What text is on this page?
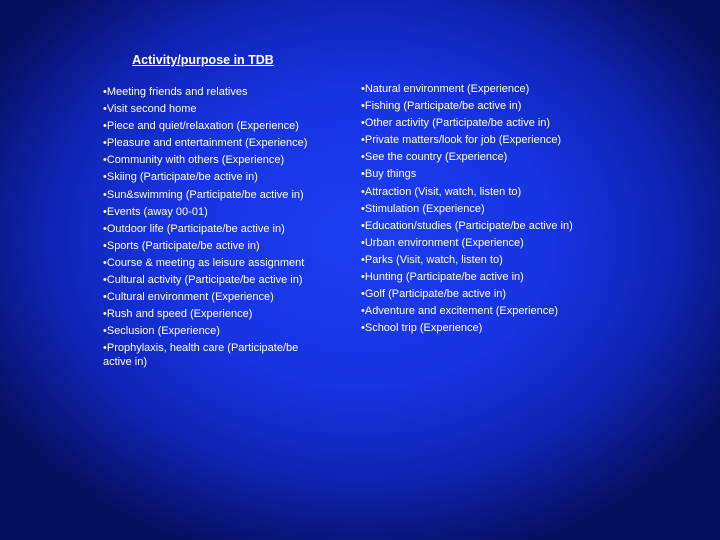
Activity/purpose in TDB
•Meeting friends and relatives
•Visit second home
•Piece and quiet/relaxation (Experience)
•Pleasure and entertainment (Experience)
•Community with others (Experience)
•Skiing (Participate/be active in)
•Sun&swimming (Participate/be active in)
•Events (away 00-01)
•Outdoor life (Participate/be active in)
•Sports (Participate/be active in)
•Course & meeting as leisure assignment
•Cultural activity (Participate/be active in)
•Cultural environment (Experience)
•Rush and speed (Experience)
•Seclusion (Experience)
•Prophylaxis, health care (Participate/be active in)
•Natural environment (Experience)
•Fishing (Participate/be active in)
•Other activity (Participate/be active in)
•Private matters/look for job (Experience)
•See the country (Experience)
•Buy things
•Attraction (Visit, watch, listen to)
•Stimulation (Experience)
•Education/studies (Participate/be active in)
•Urban environment (Experience)
•Parks (Visit, watch, listen to)
•Hunting (Participate/be active in)
•Golf (Participate/be active in)
•Adventure and excitement (Experience)
•School trip (Experience)
